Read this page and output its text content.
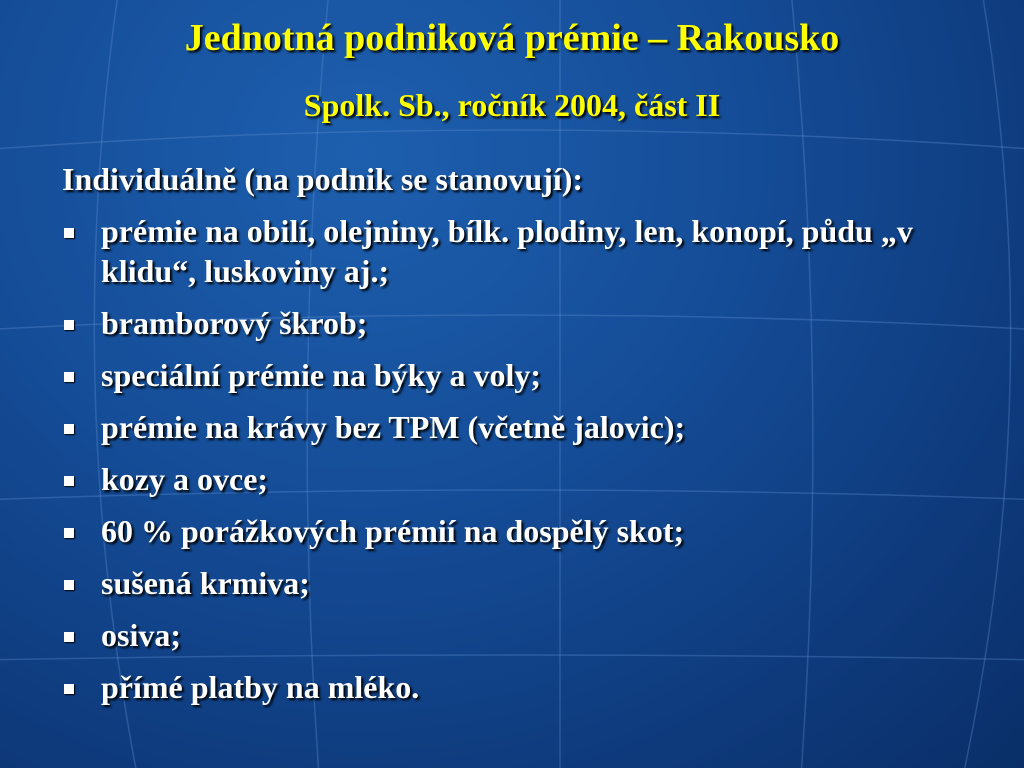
Jednotná podniková prémie – Rakousko
Spolk. Sb., ročník 2004, část II

Individuálně (na podnik se stanovují):

prémie na obilí, olejniny, bílk. plodiny, len, konopí, půdu „v klidu“, luskoviny aj.;
bramborový škrob;
speciální prémie na býky a voly;
prémie na krávy bez TPM (včetně jalovic);
kozy a ovce;
60 % porážkových prémií na dospělý skot;
sušená krmiva;
osiva;
přímé platby na mléko.
